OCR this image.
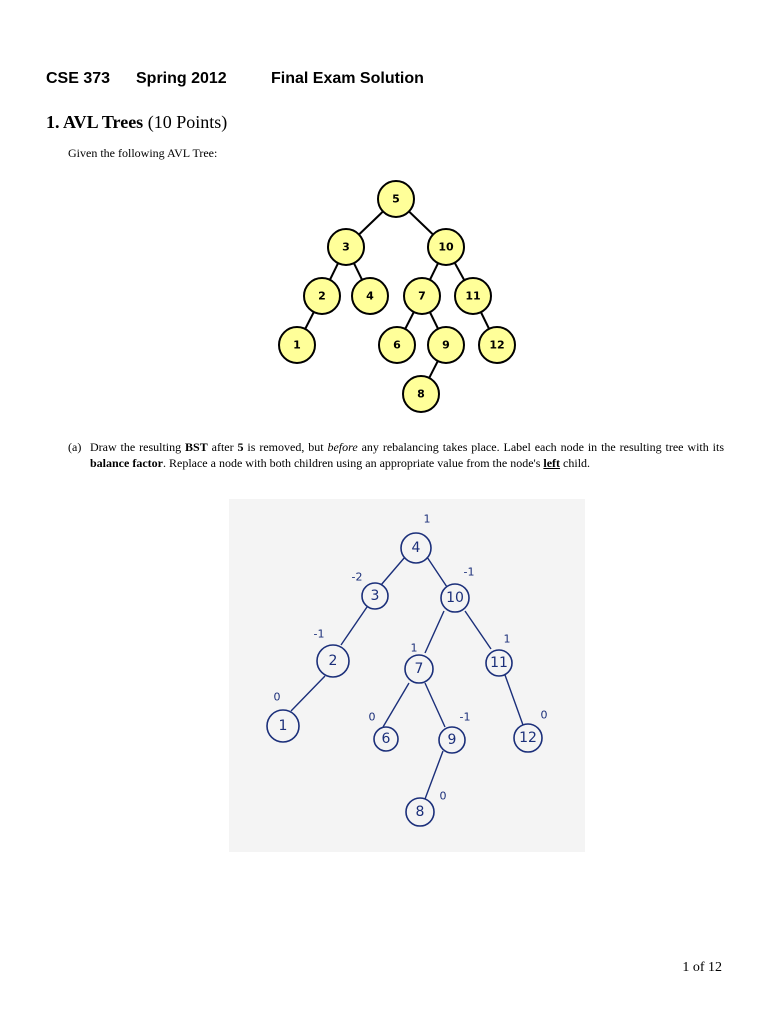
CSE 373 Spring 2012	Final Exam Solution
1. AVL Trees (10 Points)
Given the following AVL Tree:
5
3	10
2	4	7	11
1	6	9	12
8
(a) Draw the resulting BST after 5 is removed, but before any rebalancing takes place. Label each node in the resulting tree with its balance factor. Replace a node with both children using an appropriate value from the node's left child.
4
1
3
-2
10
-1
2
-1
7
1
11
1
1
0
6
0
9
-1
12
0
8
0
1 of 12
